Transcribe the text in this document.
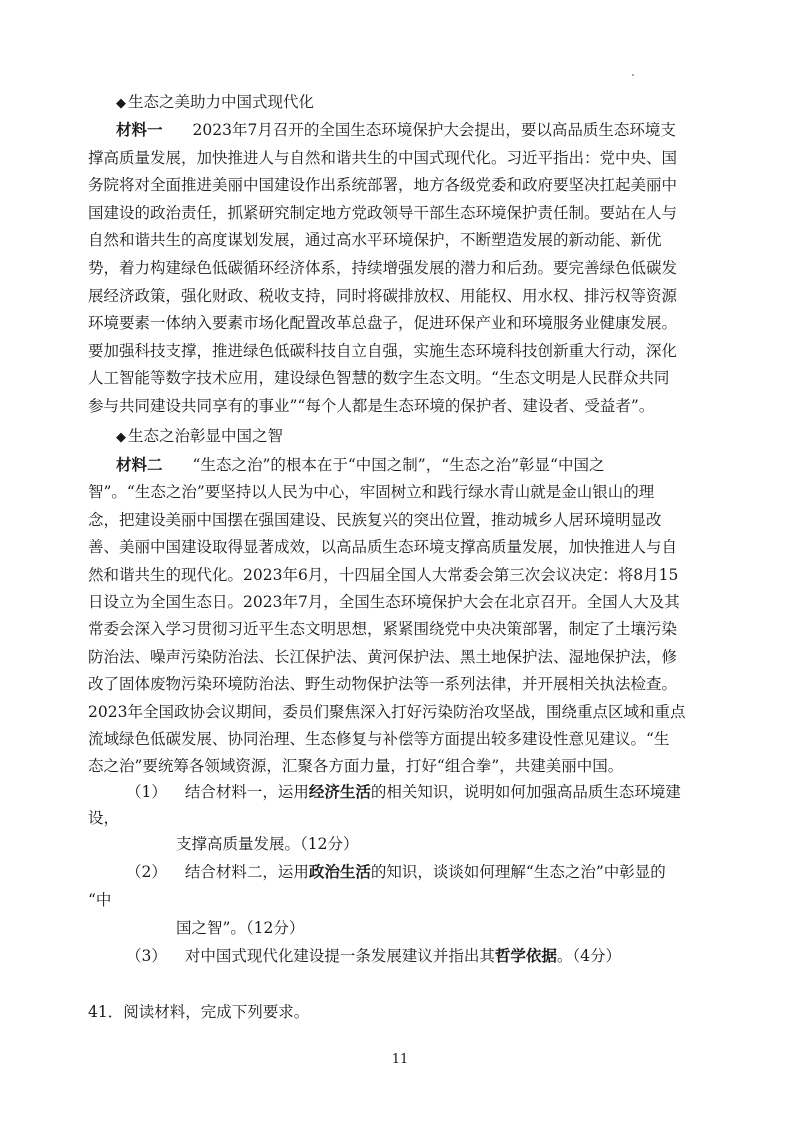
◆ 生态之美助力中国式现代化
材料一 2023年7月召开的全国生态环境保护大会提出，要以高品质生态环境支
撑高质量发展，加快推进人与自然和谐共生的中国式现代化。习近平指出：党中央、国
务院将对全面推进美丽中国建设作出系统部署，地方各级党委和政府要坚决扛起美丽中
国建设的政治责任，抓紧研究制定地方党政领导干部生态环境保护责任制。要站在人与
自然和谐共生的高度谋划发展，通过高水平环境保护，不断塑造发展的新动能、新优
势，着力构建绿色低碳循环经济体系，持续增强发展的潜力和后劲。要完善绿色低碳发
展经济政策，强化财政、税收支持，同时将碳排放权、用能权、用水权、排污权等资源
环境要素一体纳入要素市场化配置改革总盘子，促进环保产业和环境服务业健康发展。
要加强科技支撑，推进绿色低碳科技自立自强，实施生态环境科技创新重大行动，深化
人工智能等数字技术应用，建设绿色智慧的数字生态文明。“生态文明是人民群众共同
参与共同建设共同享有的事业”“每个人都是生态环境的保护者、建设者、受益者”。
◆ 生态之治彰显中国之智
材料二 “生态之治”的根本在于“中国之制”，“生态之治”彰显“中国之
智”。“生态之治”要坚持以人民为中心，牢固树立和践行绿水青山就是金山银山的理
念，把建设美丽中国摆在强国建设、民族复兴的突出位置，推动城乡人居环境明显改
善、美丽中国建设取得显著成效，以高品质生态环境支撑高质量发展，加快推进人与自
然和谐共生的现代化。2023年6月，十四届全国人大常委会第三次会议决定：将8月15
日设立为全国生态日。2023年7月，全国生态环境保护大会在北京召开。全国人大及其
常委会深入学习贯彻习近平生态文明思想，紧紧围绕党中央决策部署，制定了土壤污染
防治法、噪声污染防治法、长江保护法、黄河保护法、黑土地保护法、湿地保护法，修
改了固体废物污染环境防治法、野生动物保护法等一系列法律，并开展相关执法检查。
2023年全国政协会议期间，委员们聚焦深入打好污染防治攻坚战，围绕重点区域和重点
流域绿色低碳发展、协同治理、生态修复与补偿等方面提出较多建设性意见建议。“生
态之治”要统筹各领域资源，汇聚各方面力量，打好“组合拳”，共建美丽中国。
（1） 结合材料一，运用经济生活的相关知识，说明如何加强高品质生态环境建
设，
支撑高质量发展。（12分）
（2） 结合材料二，运用政治生活的知识，谈谈如何理解“生态之治”中彰显的
“中
国之智”。（12分）
（3） 对中国式现代化建设提一条发展建议并指出其哲学依据。（4分）
41．阅读材料，完成下列要求。
11
